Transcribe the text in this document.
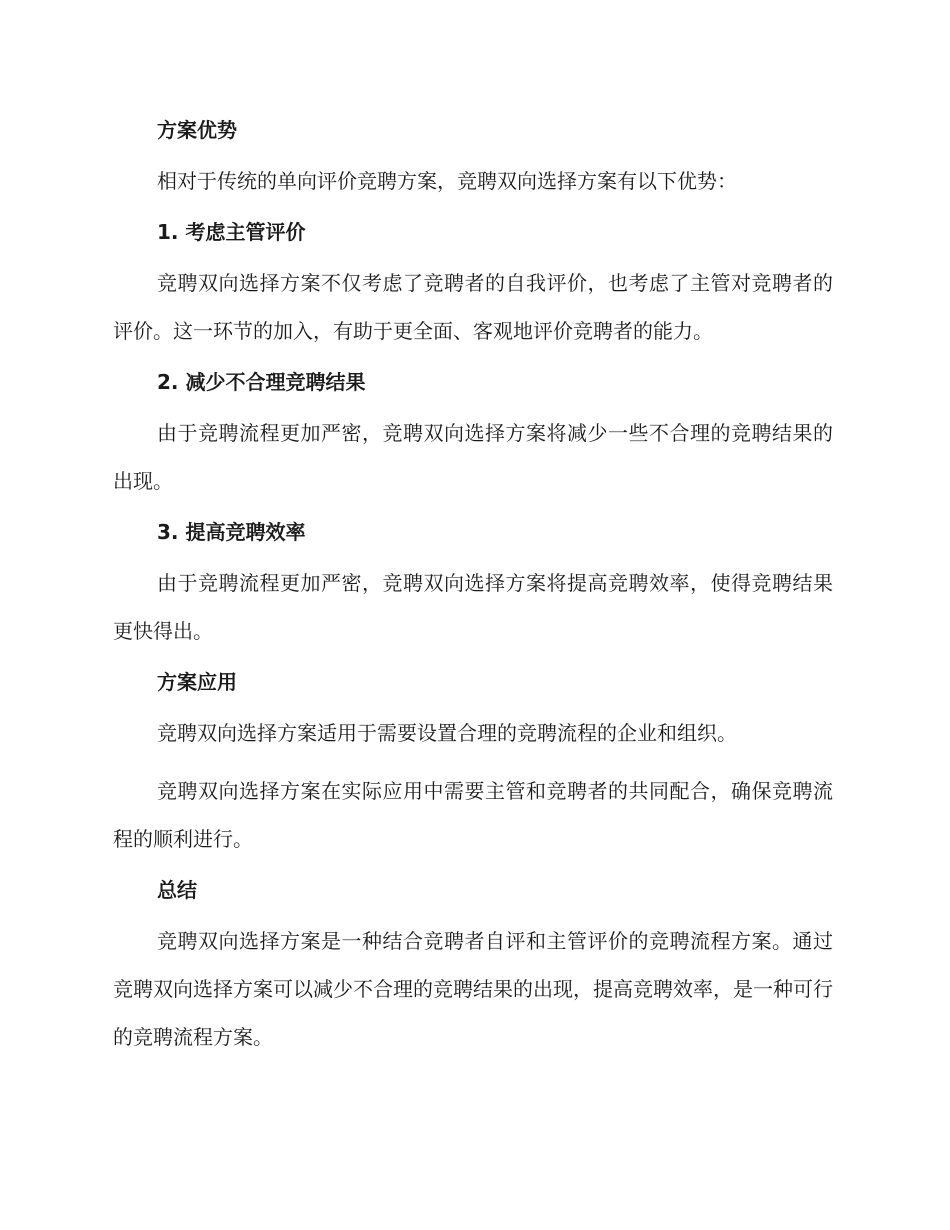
方案优势

相对于传统的单向评价竞聘方案，竞聘双向选择方案有以下优势：

1. 考虑主管评价

竞聘双向选择方案不仅考虑了竞聘者的自我评价，也考虑了主管对竞聘者的评价。这一环节的加入，有助于更全面、客观地评价竞聘者的能力。

2. 减少不合理竞聘结果

由于竞聘流程更加严密，竞聘双向选择方案将减少一些不合理的竞聘结果的出现。

3. 提高竞聘效率

由于竞聘流程更加严密，竞聘双向选择方案将提高竞聘效率，使得竞聘结果更快得出。

方案应用

竞聘双向选择方案适用于需要设置合理的竞聘流程的企业和组织。

竞聘双向选择方案在实际应用中需要主管和竞聘者的共同配合，确保竞聘流程的顺利进行。

总结

竞聘双向选择方案是一种结合竞聘者自评和主管评价的竞聘流程方案。通过竞聘双向选择方案可以减少不合理的竞聘结果的出现，提高竞聘效率，是一种可行的竞聘流程方案。
